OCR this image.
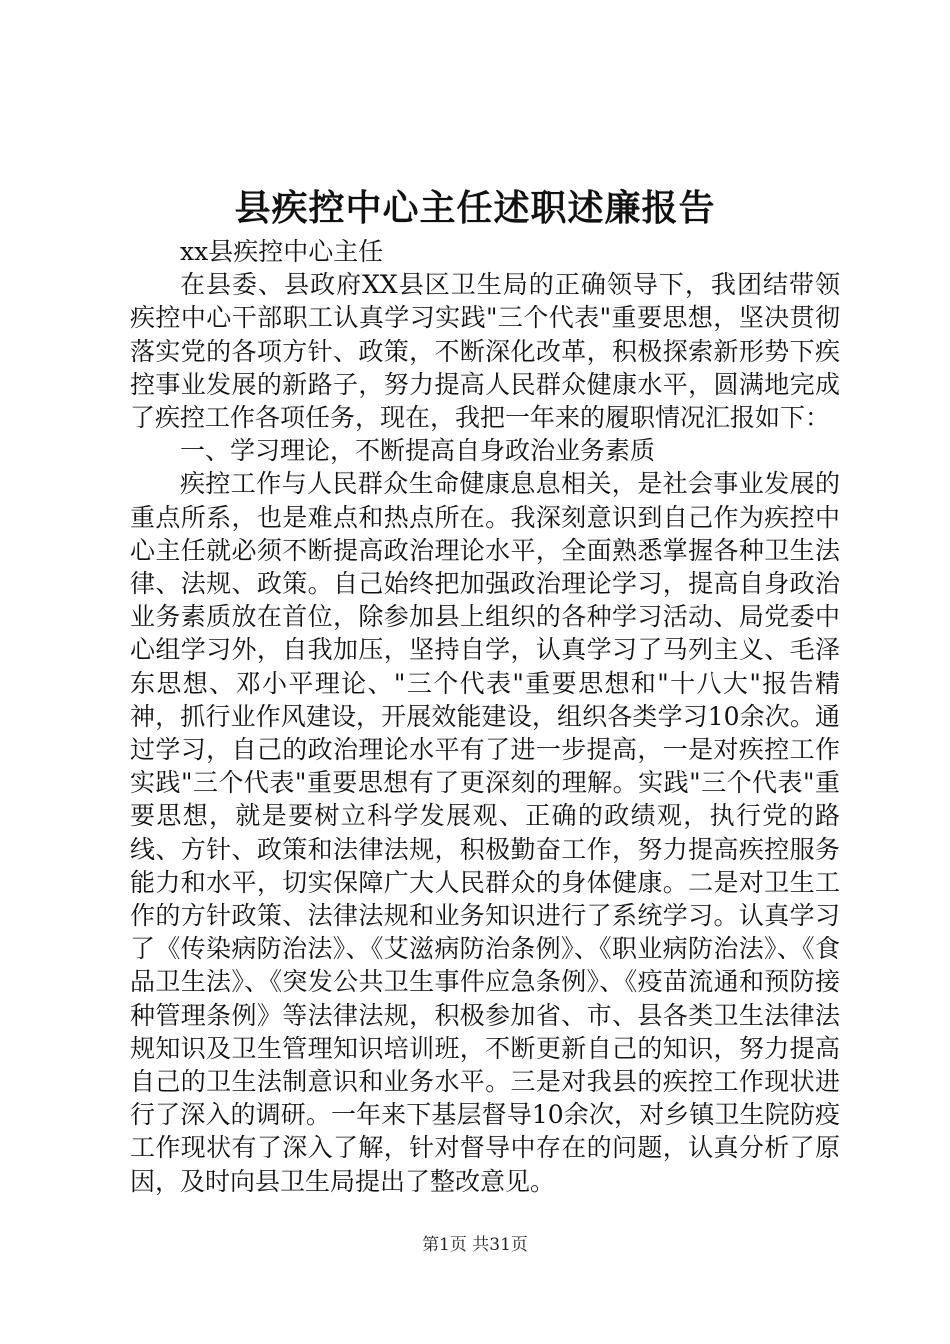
县疾控中心主任述职述廉报告

xx县疾控中心主任

在县委、县政府XX县区卫生局的正确领导下，我团结带领疾控中心干部职工认真学习实践"三个代表"重要思想，坚决贯彻落实党的各项方针、政策，不断深化改革，积极探索新形势下疾控事业发展的新路子，努力提高人民群众健康水平，圆满地完成了疾控工作各项任务，现在，我把一年来的履职情况汇报如下：

一、学习理论，不断提高自身政治业务素质

疾控工作与人民群众生命健康息息相关，是社会事业发展的重点所系，也是难点和热点所在。我深刻意识到自己作为疾控中心主任就必须不断提高政治理论水平，全面熟悉掌握各种卫生法律、法规、政策。自己始终把加强政治理论学习，提高自身政治业务素质放在首位，除参加县上组织的各种学习活动、局党委中心组学习外，自我加压，坚持自学，认真学习了马列主义、毛泽东思想、邓小平理论、"三个代表"重要思想和"十八大"报告精神，抓行业作风建设，开展效能建设，组织各类学习10余次。通过学习，自己的政治理论水平有了进一步提高，一是对疾控工作实践"三个代表"重要思想有了更深刻的理解。实践"三个代表"重要思想，就是要树立科学发展观、正确的政绩观，执行党的路线、方针、政策和法律法规，积极勤奋工作，努力提高疾控服务能力和水平，切实保障广大人民群众的身体健康。二是对卫生工作的方针政策、法律法规和业务知识进行了系统学习。认真学习了《传染病防治法》、《艾滋病防治条例》、《职业病防治法》、《食品卫生法》、《突发公共卫生事件应急条例》、《疫苗流通和预防接种管理条例》等法律法规，积极参加省、市、县各类卫生法律法规知识及卫生管理知识培训班，不断更新自己的知识，努力提高自己的卫生法制意识和业务水平。三是对我县的疾控工作现状进行了深入的调研。一年来下基层督导10余次，对乡镇卫生院防疫工作现状有了深入了解，针对督导中存在的问题，认真分析了原因，及时向县卫生局提出了整改意见。

第1页 共31页
